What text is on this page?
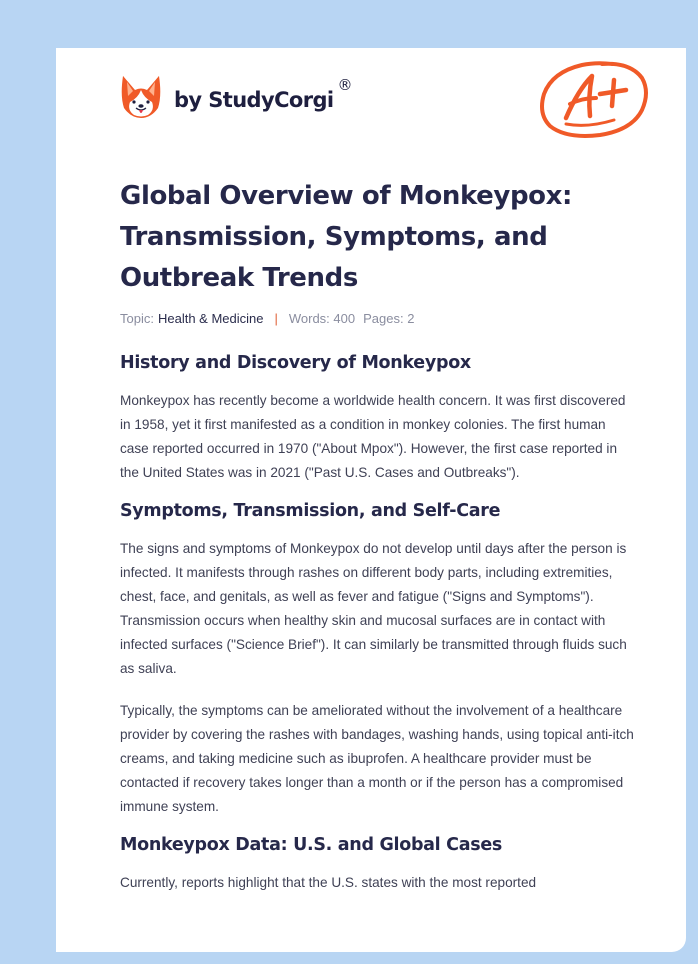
by StudyCorgi
®
Global Overview of Monkeypox: Transmission, Symptoms, and Outbreak Trends
Topic: Health & Medicine | Words: 400 Pages: 2
History and Discovery of Monkeypox

Monkeypox has recently become a worldwide health concern. It was first discovered in 1958, yet it first manifested as a condition in monkey colonies. The first human case reported occurred in 1970 ("About Mpox"). However, the first case reported in the United States was in 2021 ("Past U.S. Cases and Outbreaks").

Symptoms, Transmission, and Self-Care

The signs and symptoms of Monkeypox do not develop until days after the person is infected. It manifests through rashes on different body parts, including extremities, chest, face, and genitals, as well as fever and fatigue ("Signs and Symptoms"). Transmission occurs when healthy skin and mucosal surfaces are in contact with infected surfaces ("Science Brief"). It can similarly be transmitted through fluids such as saliva.

Typically, the symptoms can be ameliorated without the involvement of a healthcare provider by covering the rashes with bandages, washing hands, using topical anti-itch creams, and taking medicine such as ibuprofen. A healthcare provider must be contacted if recovery takes longer than a month or if the person has a compromised immune system.

Monkeypox Data: U.S. and Global Cases

Currently, reports highlight that the U.S. states with the most reported
